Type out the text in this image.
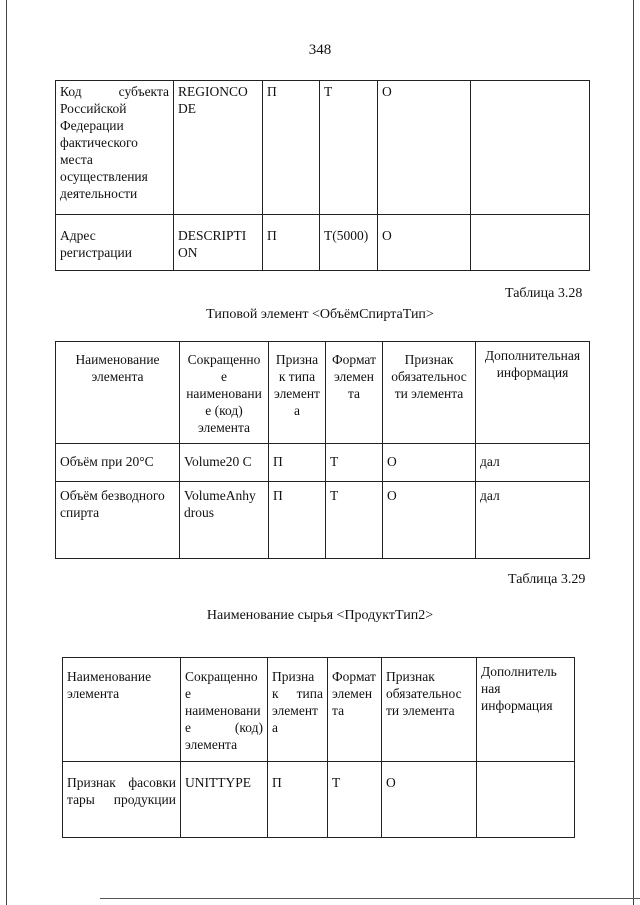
348
Код субъекта Российской Федерации фактического места осуществления деятельности	REGIONCO DE	П	Т	О	
Адрес регистрации	DESCRIPTI ON	П	Т(5000)	О	
Таблица 3.28
Типовой элемент <ОбъёмСпиртаТип>
Наименование элемента	Сокращенно е наименовани е (код) элемента	Призна к типа элемент а	Формат элемен та	Признак обязательнос ти элемента	Дополнительная информация
Объём при 20°С	Volume20 C	П	Т	О	дал
Объём безводного спирта	VolumeAnhy drous	П	Т	О	дал
Таблица 3.29
Наименование сырья <ПродуктТип2>
Наименование элемента	Сокращенно е наименовани е (код) элемента	Призна к типа элемент а	Формат элемен та	Признак обязательнос ти элемента	Дополнитель ная информация
Признак фасовки тары продукции	UNITTYPE	П	Т	О	
